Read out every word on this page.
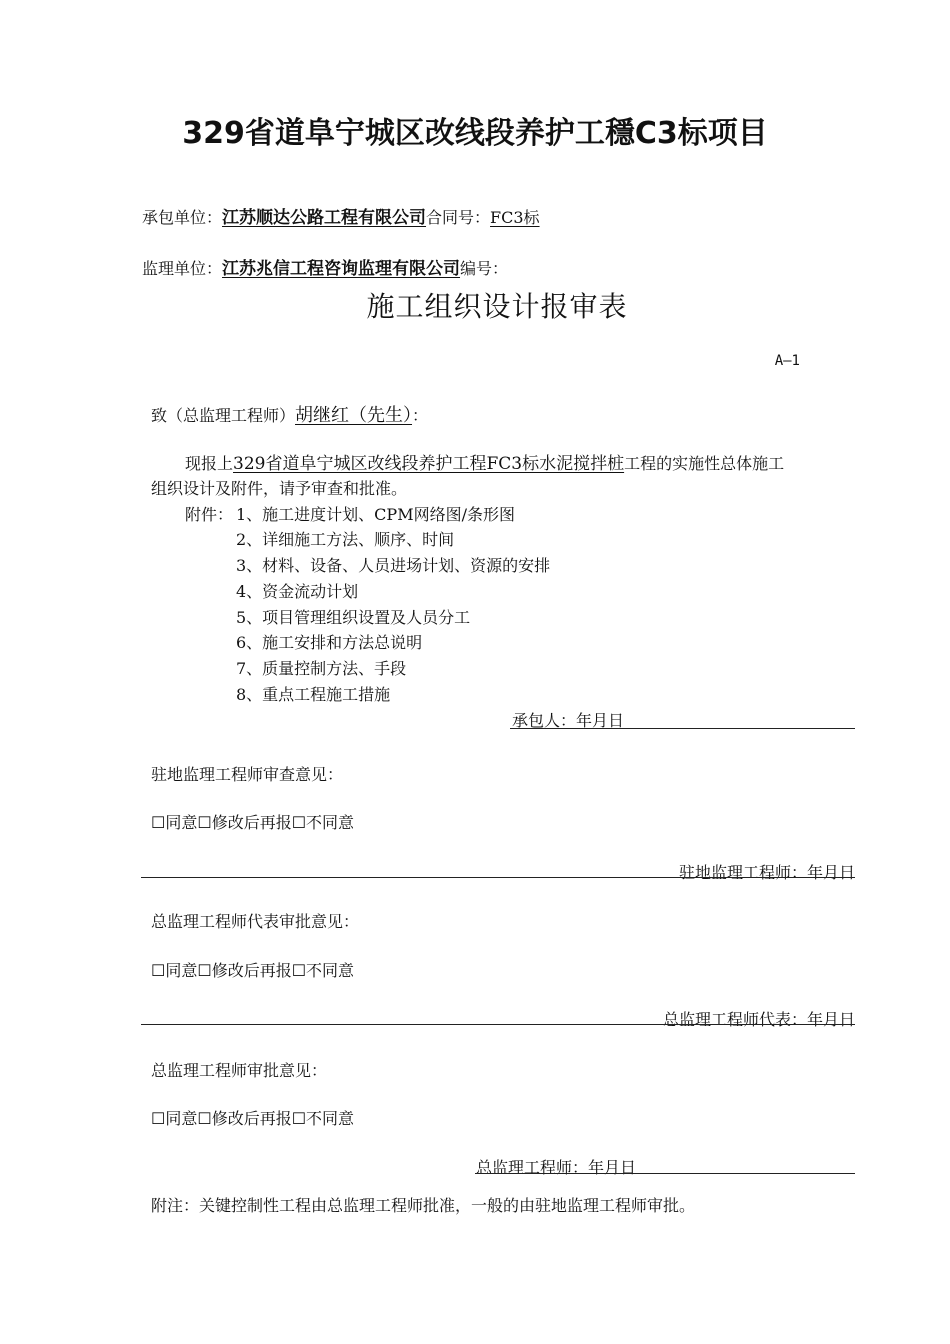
329省道阜宁城区改线段养护工穩C3标项目
承包单位：江苏顺达公路工程有限公司合同号：FC3标
监理单位：江苏兆信工程咨询监理有限公司编号：
施工组织设计报审表
A—1
致（总监理工程师）胡继红（先生）：
现报上329省道阜宁城区改线段养护工程FC3标水泥搅拌桩工程的实施性总体施工
组织设计及附件，请予审查和批准。
附件： 1、施工进度计划、CPM网络图/条形图
2、详细施工方法、顺序、时间
3、材料、设备、人员进场计划、资源的安排
4、资金流动计划
5、项目管理组织设置及人员分工
6、施工安排和方法总说明
7、质量控制方法、手段
8、重点工程施工措施
承包人：年月日
驻地监理工程师审查意见：
☐同意☐修改后再报☐不同意
驻地监理工程师：年月日
总监理工程师代表审批意见：
☐同意☐修改后再报☐不同意
总监理工程师代表：年月日
总监理工程师审批意见：
☐同意☐修改后再报☐不同意
总监理工程师：年月日
附注：关键控制性工程由总监理工程师批准，一般的由驻地监理工程师审批。
